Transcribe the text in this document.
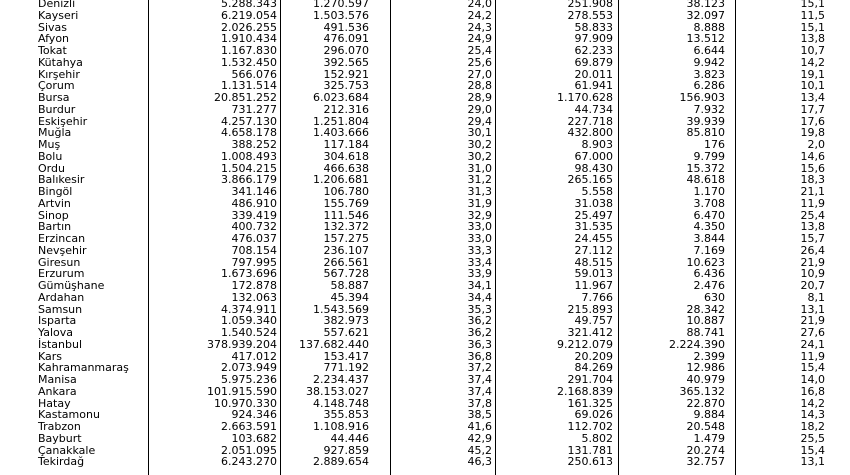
Denizli	5.288.343	1.270.597	24,0	251.908	38.123	15,1
Kayseri	6.219.054	1.503.576	24,2	278.553	32.097	11,5
Sivas	2.026.255	491.536	24,3	58.833	8.888	15,1
Afyon	1.910.434	476.091	24,9	97.909	13.512	13,8
Tokat	1.167.830	296.070	25,4	62.233	6.644	10,7
Kütahya	1.532.450	392.565	25,6	69.879	9.942	14,2
Kırşehir	566.076	152.921	27,0	20.011	3.823	19,1
Çorum	1.131.514	325.753	28,8	61.941	6.286	10,1
Bursa	20.851.252	6.023.684	28,9	1.170.628	156.903	13,4
Burdur	731.277	212.316	29,0	44.734	7.932	17,7
Eskişehir	4.257.130	1.251.804	29,4	227.718	39.939	17,6
Muğla	4.658.178	1.403.666	30,1	432.800	85.810	19,8
Muş	388.252	117.184	30,2	8.903	176	2,0
Bolu	1.008.493	304.618	30,2	67.000	9.799	14,6
Ordu	1.504.215	466.638	31,0	98.430	15.372	15,6
Balıkesir	3.866.179	1.206.681	31,2	265.165	48.618	18,3
Bingöl	341.146	106.780	31,3	5.558	1.170	21,1
Artvin	486.910	155.769	31,9	31.038	3.708	11,9
Sinop	339.419	111.546	32,9	25.497	6.470	25,4
Bartın	400.732	132.372	33,0	31.535	4.350	13,8
Erzincan	476.037	157.275	33,0	24.455	3.844	15,7
Nevşehir	708.154	236.107	33,3	27.112	7.169	26,4
Giresun	797.995	266.561	33,4	48.515	10.623	21,9
Erzurum	1.673.696	567.728	33,9	59.013	6.436	10,9
Gümüşhane	172.878	58.887	34,1	11.967	2.476	20,7
Ardahan	132.063	45.394	34,4	7.766	630	8,1
Samsun	4.374.911	1.543.569	35,3	215.893	28.342	13,1
Isparta	1.059.340	382.973	36,2	49.757	10.887	21,9
Yalova	1.540.524	557.621	36,2	321.412	88.741	27,6
İstanbul	378.939.204	137.682.440	36,3	9.212.079	2.224.390	24,1
Kars	417.012	153.417	36,8	20.209	2.399	11,9
Kahramanmaraş	2.073.949	771.192	37,2	84.269	12.986	15,4
Manisa	5.975.236	2.234.437	37,4	291.704	40.979	14,0
Ankara	101.915.590	38.153.027	37,4	2.168.839	365.132	16,8
Hatay	10.970.330	4.148.748	37,8	161.325	22.870	14,2
Kastamonu	924.346	355.853	38,5	69.026	9.884	14,3
Trabzon	2.663.591	1.108.916	41,6	112.702	20.548	18,2
Bayburt	103.682	44.446	42,9	5.802	1.479	25,5
Çanakkale	2.051.095	927.859	45,2	131.781	20.274	15,4
Tekirdağ	6.243.270	2.889.654	46,3	250.613	32.757	13,1
